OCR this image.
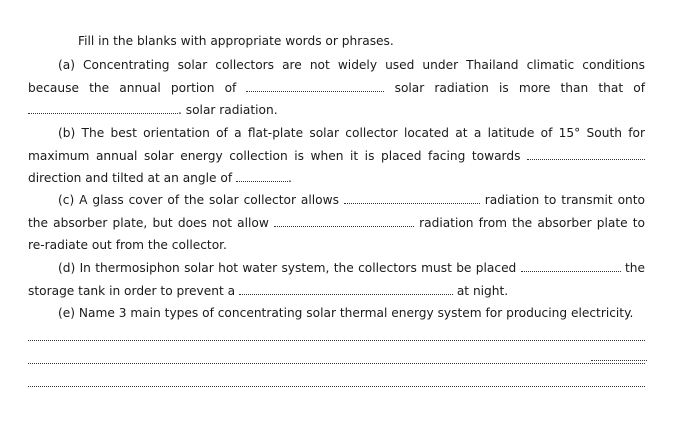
Fill in the blanks with appropriate words or phrases.
(a) Concentrating solar collectors are not widely used under Thailand climatic conditions because the annual portion of	solar radiation is more than that of . solar radiation.
(b) The best orientation of a flat-plate solar collector located at a latitude of 15° South for maximum annual solar energy collection is when it is placed facing towards  direction and tilted at an angle of	.
(c) A glass cover of the solar collector allows	radiation to transmit onto the absorber plate, but does not allow	radiation from the absorber plate to re-radiate out from the collector.
(d) In thermosiphon solar hot water system, the collectors must be placed	the storage tank in order to prevent a	at night.
(e) Name 3 main types of concentrating solar thermal energy system for producing electricity.
